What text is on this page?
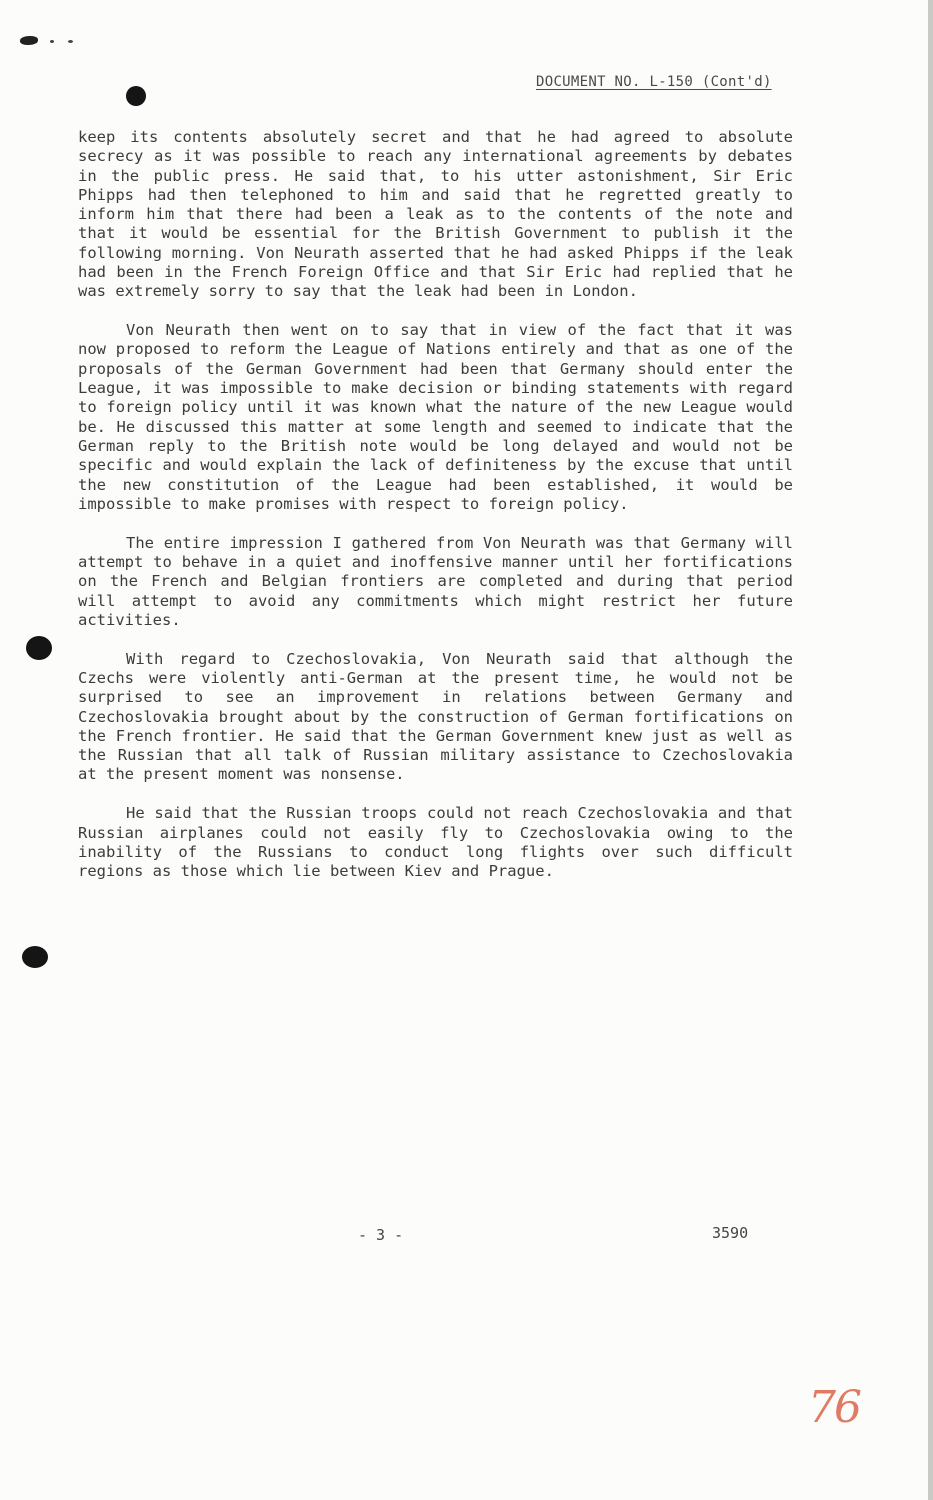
DOCUMENT NO. L-150 (Cont'd)

keep its contents absolutely secret and that he had agreed to absolute secrecy as it was possible to reach any international agreements by debates in the public press. He said that, to his utter astonishment, Sir Eric Phipps had then telephoned to him and said that he regretted greatly to inform him that there had been a leak as to the contents of the note and that it would be essential for the British Government to publish it the following morning. Von Neurath asserted that he had asked Phipps if the leak had been in the French Foreign Office and that Sir Eric had replied that he was extremely sorry to say that the leak had been in London.

Von Neurath then went on to say that in view of the fact that it was now proposed to reform the League of Nations entirely and that as one of the proposals of the German Government had been that Germany should enter the League, it was impossible to make decision or binding statements with regard to foreign policy until it was known what the nature of the new League would be. He discussed this matter at some length and seemed to indicate that the German reply to the British note would be long delayed and would not be specific and would explain the lack of definiteness by the excuse that until the new constitution of the League had been established, it would be impossible to make promises with respect to foreign policy.

The entire impression I gathered from Von Neurath was that Germany will attempt to behave in a quiet and inoffensive manner until her fortifications on the French and Belgian frontiers are completed and during that period will attempt to avoid any commitments which might restrict her future activities.

With regard to Czechoslovakia, Von Neurath said that although the Czechs were violently anti-German at the present time, he would not be surprised to see an improvement in relations between Germany and Czechoslovakia brought about by the construction of German fortifications on the French frontier. He said that the German Government knew just as well as the Russian that all talk of Russian military assistance to Czechoslovakia at the present moment was nonsense.

He said that the Russian troops could not reach Czechoslovakia and that Russian airplanes could not easily fly to Czechoslovakia owing to the inability of the Russians to conduct long flights over such difficult regions as those which lie between Kiev and Prague.

- 3 -	3590
76
